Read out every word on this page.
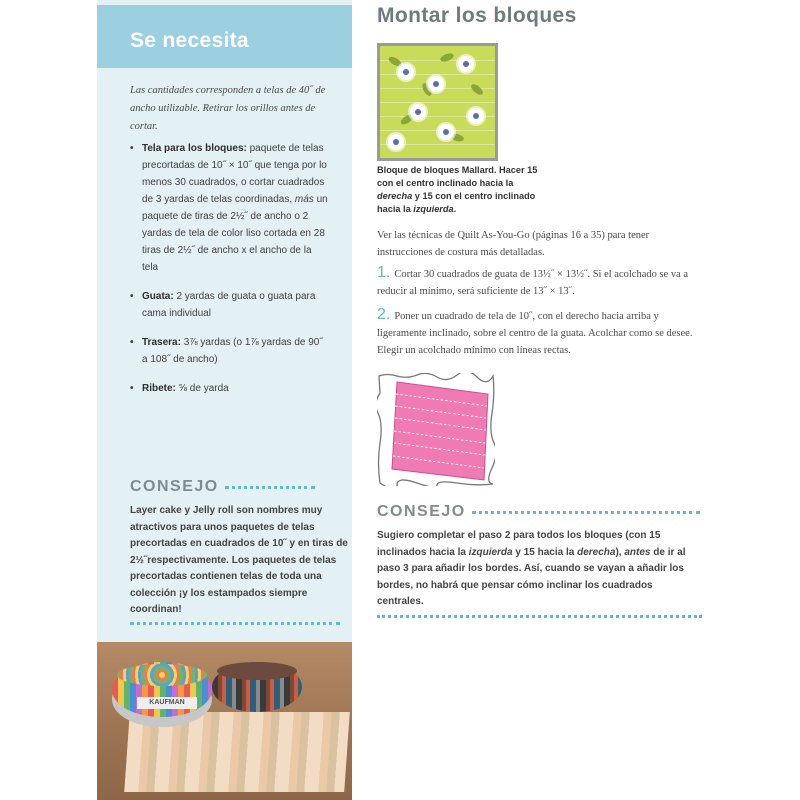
Se necesita
Las cantidades corresponden a telas de 40˝ de ancho utilizable. Retirar los orillos antes de cortar.
• Tela para los bloques: paquete de telas precortadas de 10˝ × 10˝ que tenga por lo menos 30 cuadrados, o cortar cuadrados de 3 yardas de telas coordinadas, más un paquete de tiras de 2½˝ de ancho o 2 yardas de tela de color liso cortada en 28 tiras de 2½˝ de ancho x el ancho de la tela
• Guata: 2 yardas de guata o guata para cama individual
• Trasera: 3⅞ yardas (o 1⅞ yardas de 90˝ a 108˝ de ancho)
• Ribete: ⅝ de yarda
CONSEJO
Layer cake y Jelly roll son nombres muy atractivos para unos paquetes de telas precortadas en cuadrados de 10˝ y en tiras de 2½˝respectivamente. Los paquetes de telas precortadas contienen telas de toda una colección ¡y los estampados siempre coordinan!
KAUFMAN
Montar los bloques
Bloque de bloques Mallard. Hacer 15 con el centro inclinado hacia la derecha y 15 con el centro inclinado hacia la izquierda.
Ver las técnicas de Quilt As-You-Go (páginas 16 a 35) para tener instrucciones de costura más detalladas.
1. Cortar 30 cuadrados de guata de 13½˝ × 13½˝. Si el acolchado se va a reducir al mínimo, será suficiente de 13˝ × 13˝.
2. Poner un cuadrado de tela de 10˝, con el derecho hacia arriba y ligeramente inclinado, sobre el centro de la guata. Acolchar como se desee. Elegir un acolchado mínimo con líneas rectas.
CONSEJO
Sugiero completar el paso 2 para todos los bloques (con 15 inclinados hacia la izquierda y 15 hacia la derecha), antes de ir al paso 3 para añadir los bordes. Así, cuando se vayan a añadir los bordes, no habrá que pensar cómo inclinar los cuadrados centrales.
